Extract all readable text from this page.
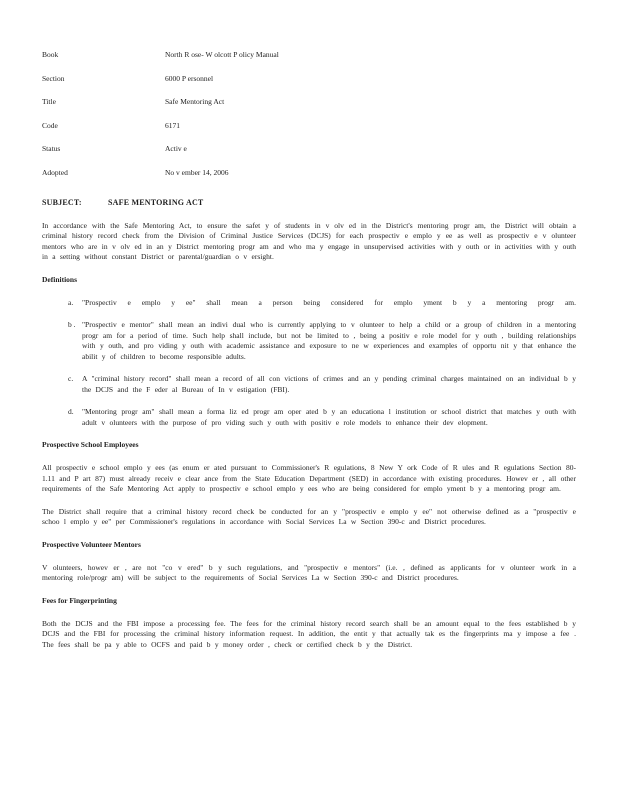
Book	North R ose- W olcott P olicy Manual
Section	6000 P ersonnel
Title	Safe Mentoring Act
Code	6171
Status	Activ e
Adopted	No v ember 14, 2006
SUBJECT:	SAFE MENTORING ACT

In accordance with the Safe Mentoring Act, to ensure the safet y of students in v olv ed in the District's mentoring progr am, the District will obtain a criminal history record check from the Division of Criminal Justice Services (DCJS) for each prospectiv e emplo y ee as well as prospectiv e v olunteer mentors who are in v olv ed in an y District mentoring progr am and who ma y engage in unsupervised activities with y outh or in activities with y outh in a setting without constant District or parental/guardian o v ersight.

Definitions
a.	"Prospectiv e emplo y ee" shall mean a person being considered for emplo yment b y a mentoring progr am.
b . "Prospectiv e mentor" shall mean an indivi dual who is currently applying to v olunteer to help a child or a group of children in a mentoring progr am for a period of time. Such help shall include, but not be limited to , being a positiv e role model for y outh , building relationships with y outh, and pro viding y outh with academic assistance and exposure to ne w experiences and examples of opportu nit y that enhance the abilit y of children to become responsible adults.
c.	A "criminal history record" shall mean a record of all con victions of crimes and an y pending criminal charges maintained on an individual b y the DCJS and the F eder al Bureau of In v estigation (FBI).
d.	"Mentoring progr am" shall mean a forma liz ed progr am oper ated b y an educationa l institution or school district that matches y outh with adult v olunteers with the purpose of pro viding such y outh with positiv e role models to enhance their dev elopment.
Prospective School Employees

All prospectiv e school emplo y ees (as enum er ated pursuant to Commissioner's R egulations, 8 New Y ork Code of R ules and R egulations Section 80-1.11 and P art 87) must already receiv e clear ance from the State Education Department (SED) in accordance with existing procedures. Howev er , all other requirements of the Safe Mentoring Act apply to prospectiv e school emplo y ees who are being considered for emplo yment b y a mentoring progr am.

The District shall require that a criminal history record check be conducted for an y "prospectiv e emplo y ee" not otherwise defined as a "prospectiv e schoo l emplo y ee" per Commissioner's regulations in accordance with Social Services La w Section 390-c and District procedures.

Prospective Volunteer Mentors

V olunteers, howev er , are not "co v ered" b y such regulations, and "prospectiv e mentors" (i.e. , defined as applicants for v olunteer work in a mentoring role/progr am) will be subject to the requirements of Social Services La w Section 390-c and District procedures.

Fees for Fingerprinting

Both the DCJS and the FBI impose a processing fee. The fees for the criminal history record search shall be an amount equal to the fees established b y DCJS and the FBI for processing the criminal history information request. In addition, the entit y that actually tak es the fingerprints ma y impose a fee . The fees shall be pa y able to OCFS and paid b y money order , check or certified check b y the District.
